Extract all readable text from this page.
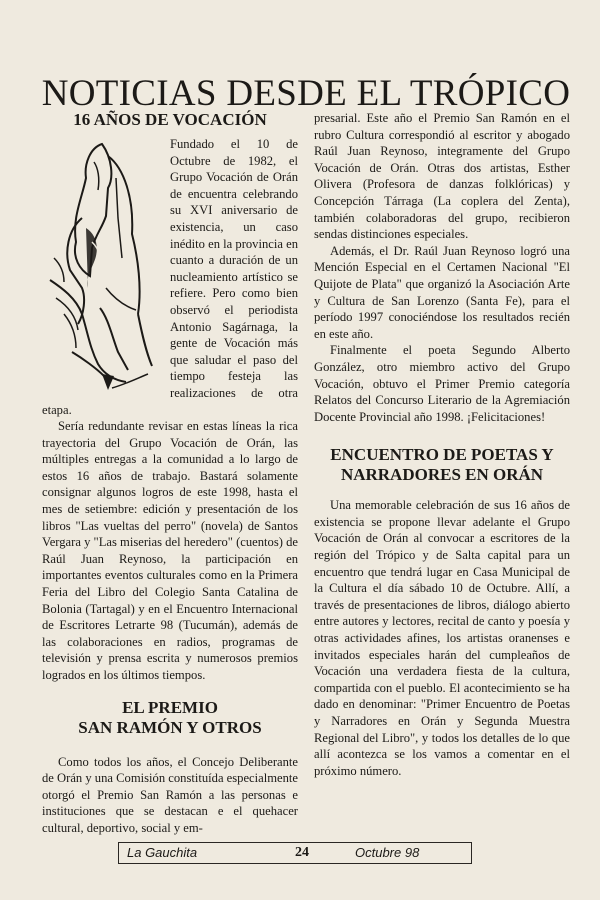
NOTICIAS DESDE EL TRÓPICO
16 AÑOS DE VOCACIÓN

Fundado el 10 de Octubre de 1982, el Grupo Vocación de Orán de encuentra celebrando su XVI aniversario de existencia, un caso inédito en la provincia en cuanto a duración de un nucleamiento artístico se refiere. Pero como bien observó el periodista Antonio Sagárnaga, la gente de Vocación más que saludar el paso del tiempo festeja las realizaciones de otra etapa.

Sería redundante revisar en estas líneas la rica trayectoria del Grupo Vocación de Orán, las múltiples entregas a la comunidad a lo largo de estos 16 años de trabajo. Bastará solamente consignar algunos logros de este 1998, hasta el mes de setiembre: edición y presentación de los libros "Las vueltas del perro" (novela) de Santos Vergara y "Las miserias del heredero" (cuentos) de Raúl Juan Reynoso, la participación en importantes eventos culturales como en la Primera Feria del Libro del Colegio Santa Catalina de Bolonia (Tartagal) y en el Encuentro Internacional de Escritores Letrarte 98 (Tucumán), además de las colaboraciones en radios, programas de televisión y prensa escrita y numerosos premios logrados en los últimos tiempos.

EL PREMIO
SAN RAMÓN Y OTROS

Como todos los años, el Concejo Deliberante de Orán y una Comisión constituída especialmente otorgó el Premio San Ramón a las personas e instituciones que se destacan e el quehacer cultural, deportivo, social y em-

presarial. Este año el Premio San Ramón en el rubro Cultura correspondió al escritor y abogado Raúl Juan Reynoso, integramente del Grupo Vocación de Orán. Otras dos artistas, Esther Olivera (Profesora de danzas folklóricas) y Concepción Tárraga (La coplera del Zenta), también colaboradoras del grupo, recibieron sendas distinciones especiales.

Además, el Dr. Raúl Juan Reynoso logró una Mención Especial en el Certamen Nacional "El Quijote de Plata" que organizó la Asociación Arte y Cultura de San Lorenzo (Santa Fe), para el período 1997 conociéndose los resultados recién en este año.

Finalmente el poeta Segundo Alberto González, otro miembro activo del Grupo Vocación, obtuvo el Primer Premio categoría Relatos del Concurso Literario de la Agremiación Docente Provincial año 1998. ¡Felicitaciones!

ENCUENTRO DE POETAS Y
NARRADORES EN ORÁN

Una memorable celebración de sus 16 años de existencia se propone llevar adelante el Grupo Vocación de Orán al convocar a escritores de la región del Trópico y de Salta capital para un encuentro que tendrá lugar en Casa Municipal de la Cultura el día sábado 10 de Octubre. Allí, a través de presentaciones de libros, diálogo abierto entre autores y lectores, recital de canto y poesía y otras actividades afines, los artistas oranenses e invitados especiales harán del cumpleaños de Vocación una verdadera fiesta de la cultura, compartida con el pueblo. El acontecimiento se ha dado en denominar: "Primer Encuentro de Poetas y Narradores en Orán y Segunda Muestra Regional del Libro", y todos los detalles de lo que allí acontezca se los vamos a comentar en el próximo número.

La Gauchita	24	Octubre 98
